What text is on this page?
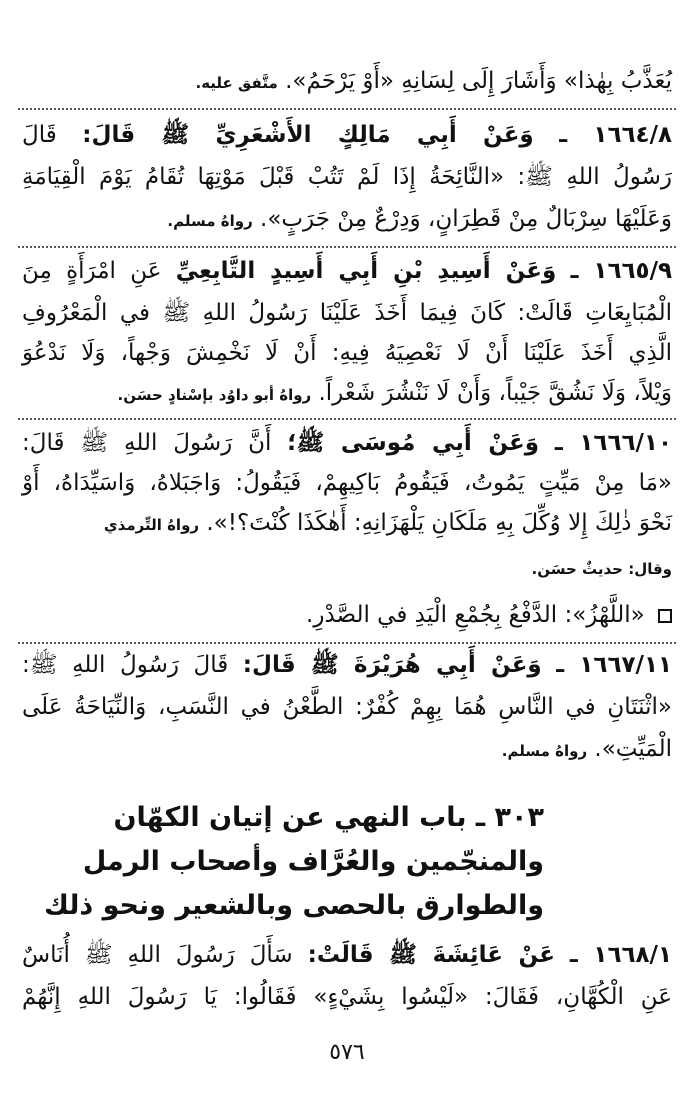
يُعَذَّبُ بِهٰذا» وَأَشَارَ إِلَى لِسَانِهِ «أَوْ يَرْحَمُ». متَّفق عليه.
١٦٦٤/٨ ـ وَعَنْ أَبِي مَالِكٍ الأَشْعَرِيِّ ﷺ قَالَ: قَالَ
رَسُولُ اللهِ ﷺ: «النَّائِحَةُ إِذَا لَمْ تَتُبْ قَبْلَ مَوْتِهَا تُقَامُ يَوْمَ الْقِيَامَةِ
وَعَلَيْهَا سِرْبَالٌ مِنْ قَطِرَانٍ، وَدِرْعٌ مِنْ جَرَبٍ». رواهُ مسلم.
١٦٦٥/٩ ـ وَعَنْ أَسِيدِ بْنِ أَبِي أَسِيدٍ التَّابِعِيِّ عَنِ امْرَأَةٍ مِنَ
الْمُبَايِعَاتِ قَالَتْ: كَانَ فِيمَا أَخَذَ عَلَيْنَا رَسُولُ اللهِ ﷺ في الْمَعْرُوفِ
الَّذِي أَخَذَ عَلَيْنَا أَنْ لَا نَعْصِيَهُ فِيهِ: أَنْ لَا نَخْمِشَ وَجْهاً، وَلَا نَدْعُوَ
وَيْلاً، وَلَا نَشُقَّ جَيْباً، وَأَنْ لَا نَنْشُرَ شَعْراً. رواهُ أبو داوُد بإسْنادٍ حسَن.
١٦٦٦/١٠ ـ وَعَنْ أَبِي مُوسَى ﷺ؛ أَنَّ رَسُولَ اللهِ ﷺ قَالَ:
«مَا مِنْ مَيِّتٍ يَمُوتُ، فَيَقُومُ بَاكِيهِمْ، فَيَقُولُ: وَاجَبَلاهُ، وَاسَيِّدَاهُ، أَوْ
نَحْوَ ذٰلِكَ إِلا وُكِّلَ بِهِ مَلَكَانِ يَلْهَزَانِهِ: أَهٰكَذَا كُنْتَ؟!». رواهُ التِّرمذي
وقال: حديثٌ حسَن.
«اللَّهْزُ»: الدَّفْعُ بِجُمْعِ الْيَدِ في الصَّدْرِ.
١٦٦٧/١١ ـ وَعَنْ أَبِي هُرَيْرَةَ ﷺ قَالَ: قَالَ رَسُولُ اللهِ ﷺ:
«اثْنَتَانِ في النَّاسِ هُمَا بِهِمْ كُفْرٌ: الطَّعْنُ في النَّسَبِ، وَالنِّيَاحَةُ عَلَى
الْمَيِّتِ». رواهُ مسلم.
٣٠٣ ـ باب النهي عن إتيان الكهّان
والمنجّمين والعُرَّاف وأصحاب الرمل
والطوارق بالحصى وبالشعير ونحو ذلك
١٦٦٨/١ ـ عَنْ عَائِشَةَ ﷺ قَالَتْ: سَأَلَ رَسُولَ اللهِ ﷺ أُنَاسٌ
عَنِ الْكُهَّانِ، فَقَالَ: «لَيْسُوا بِشَيْءٍ» فَقَالُوا: يَا رَسُولَ اللهِ إِنَّهُمْ
٥٧٦
